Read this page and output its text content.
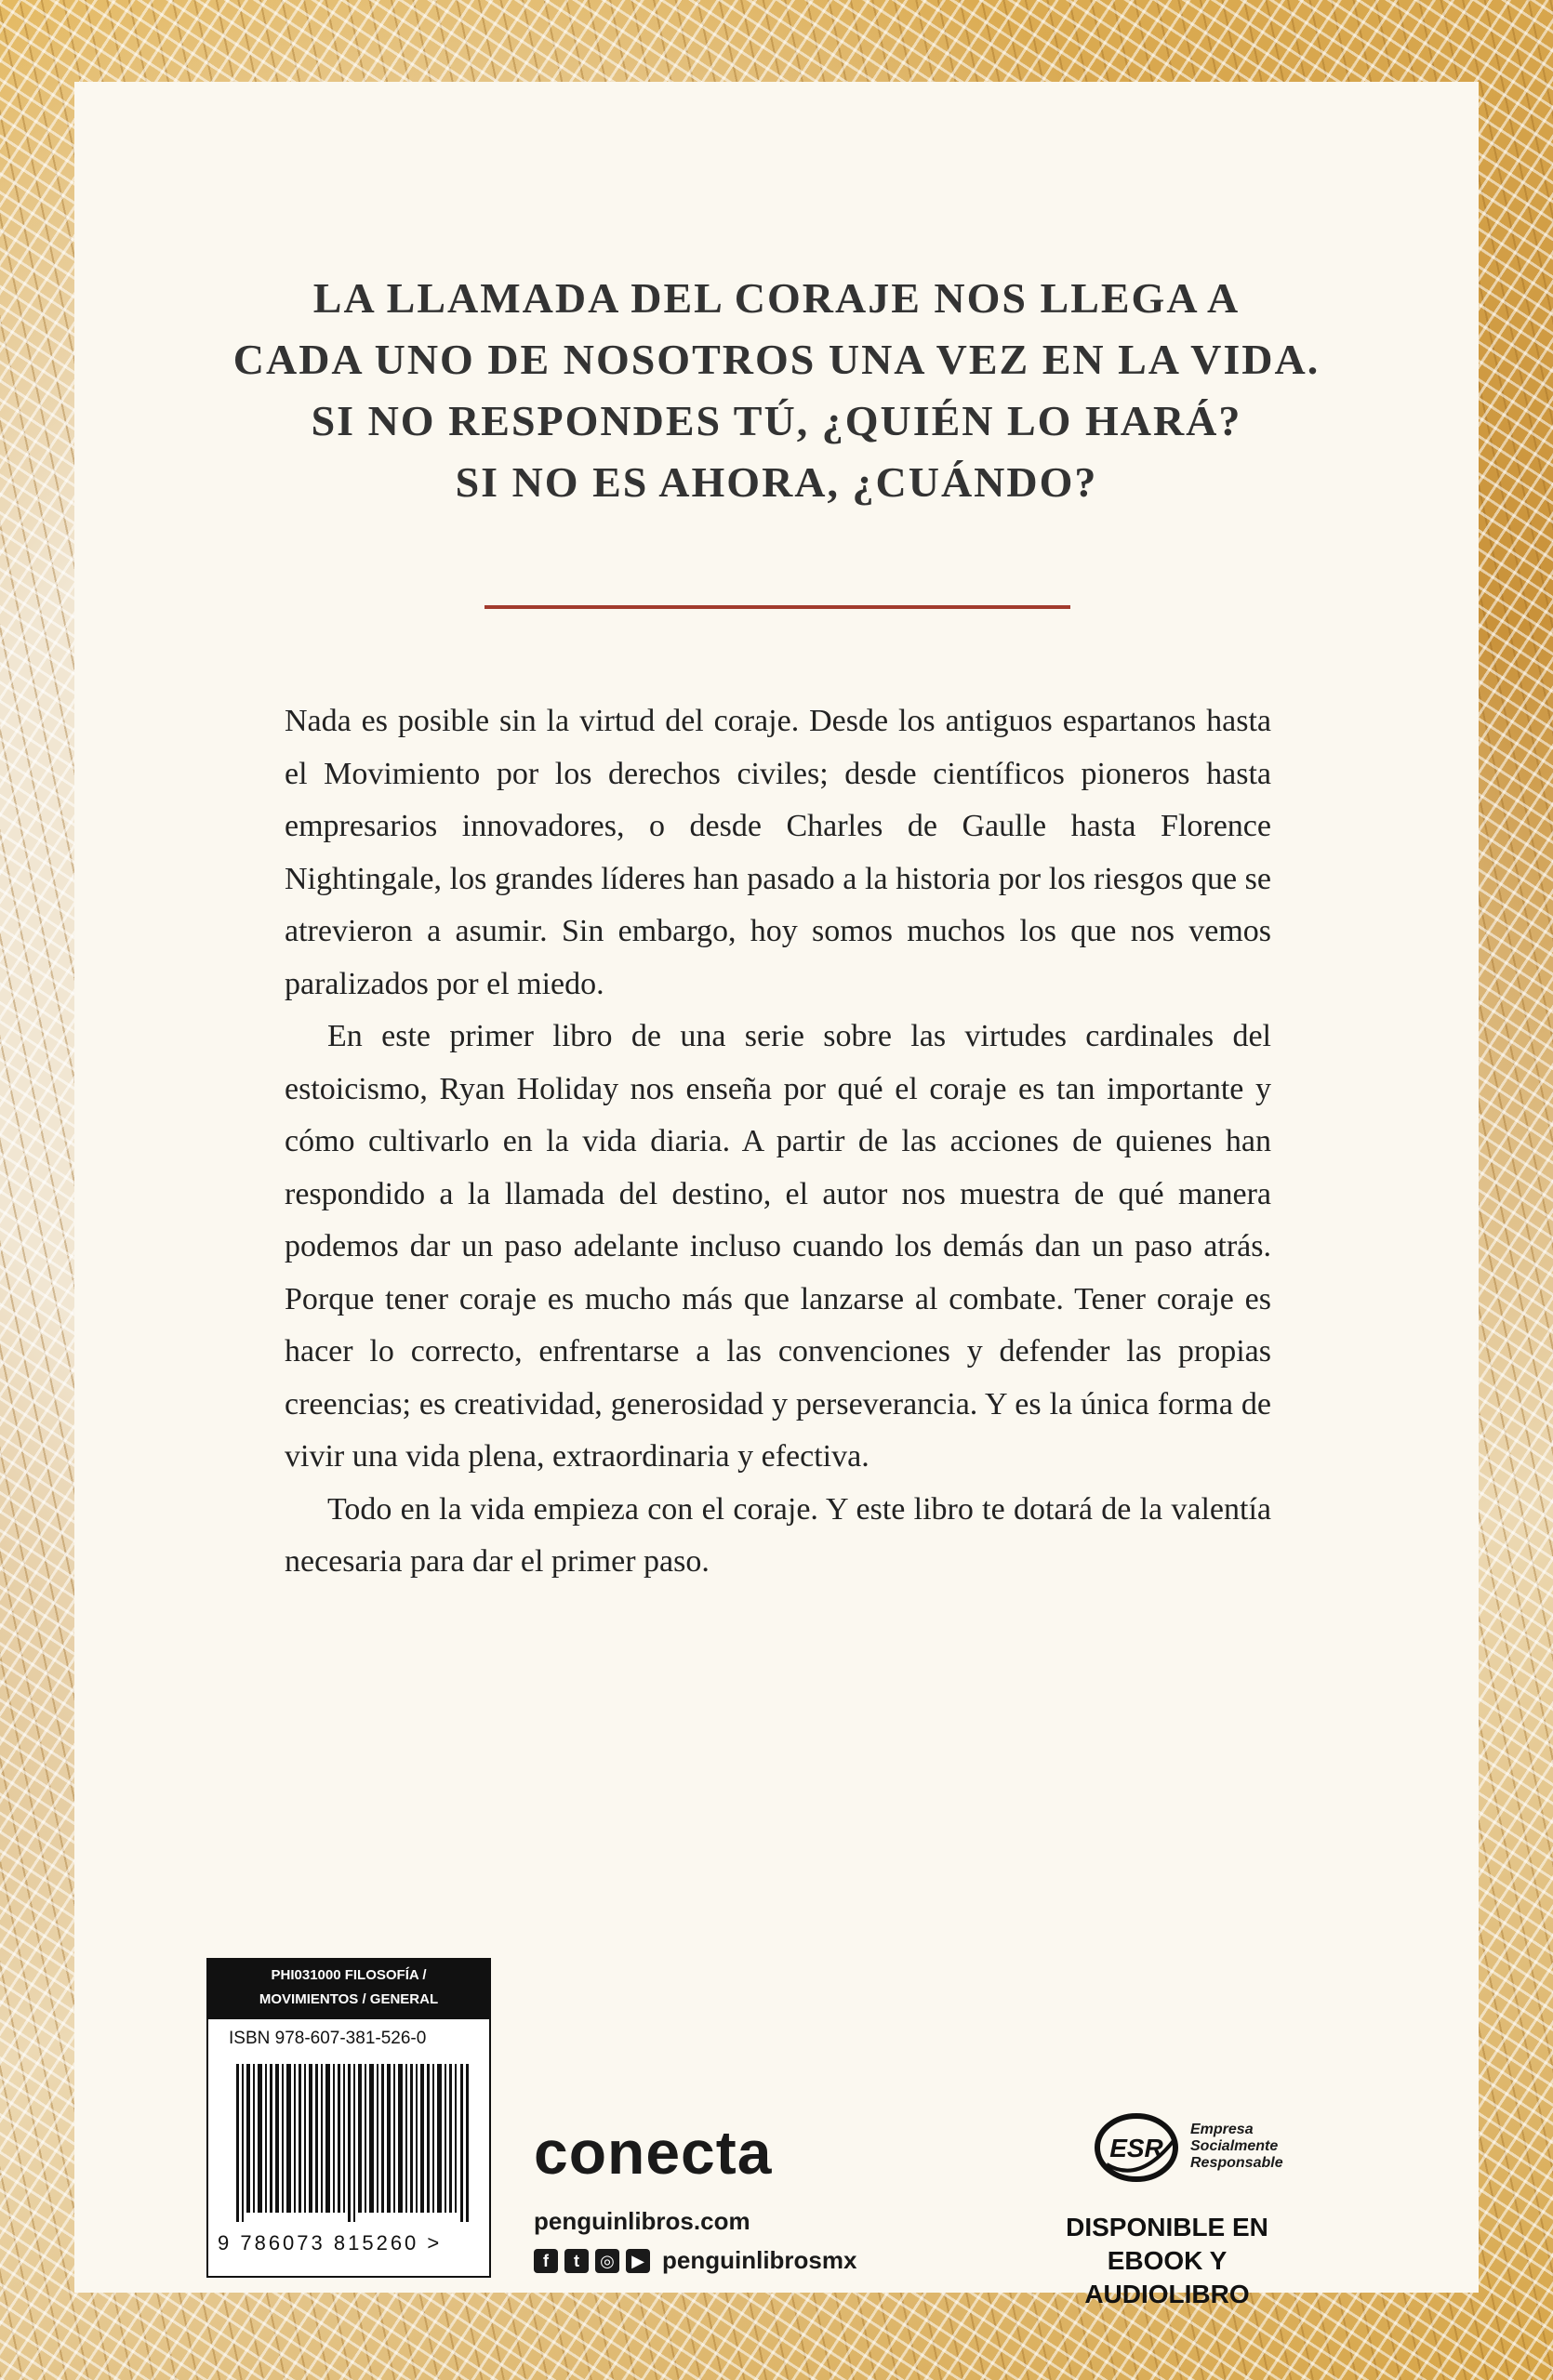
LA LLAMADA DEL CORAJE NOS LLEGA A
CADA UNO DE NOSOTROS UNA VEZ EN LA VIDA.
SI NO RESPONDES TÚ, ¿QUIÉN LO HARÁ?
SI NO ES AHORA, ¿CUÁNDO?

Nada es posible sin la virtud del coraje. Desde los antiguos espartanos hasta el Movimiento por los derechos civiles; desde científicos pioneros hasta empresarios innovadores, o desde Charles de Gaulle hasta Florence Nightingale, los grandes líderes han pasado a la historia por los riesgos que se atrevieron a asumir. Sin embargo, hoy somos muchos los que nos vemos paralizados por el miedo.

En este primer libro de una serie sobre las virtudes cardinales del estoicismo, Ryan Holiday nos enseña por qué el coraje es tan importante y cómo cultivarlo en la vida diaria. A partir de las acciones de quienes han respondido a la llamada del destino, el autor nos muestra de qué manera podemos dar un paso adelante incluso cuando los demás dan un paso atrás. Porque tener coraje es mucho más que lanzarse al combate. Tener coraje es hacer lo correcto, enfrentarse a las convenciones y defender las propias creencias; es creatividad, generosidad y perseverancia. Y es la única forma de vivir una vida plena, extraordinaria y efectiva.

Todo en la vida empieza con el coraje. Y este libro te dotará de la valentía necesaria para dar el primer paso.

PHI031000 FILOSOFÍA /
MOVIMIENTOS / GENERAL
ISBN 978-607-381-526-0
9 786073 815260 >
conecta
penguinlibros.com
f	t	◎	▶ penguinlibrosmx
ESR
Empresa
Socialmente
Responsable
DISPONIBLE EN
EBOOK Y AUDIOLIBRO
